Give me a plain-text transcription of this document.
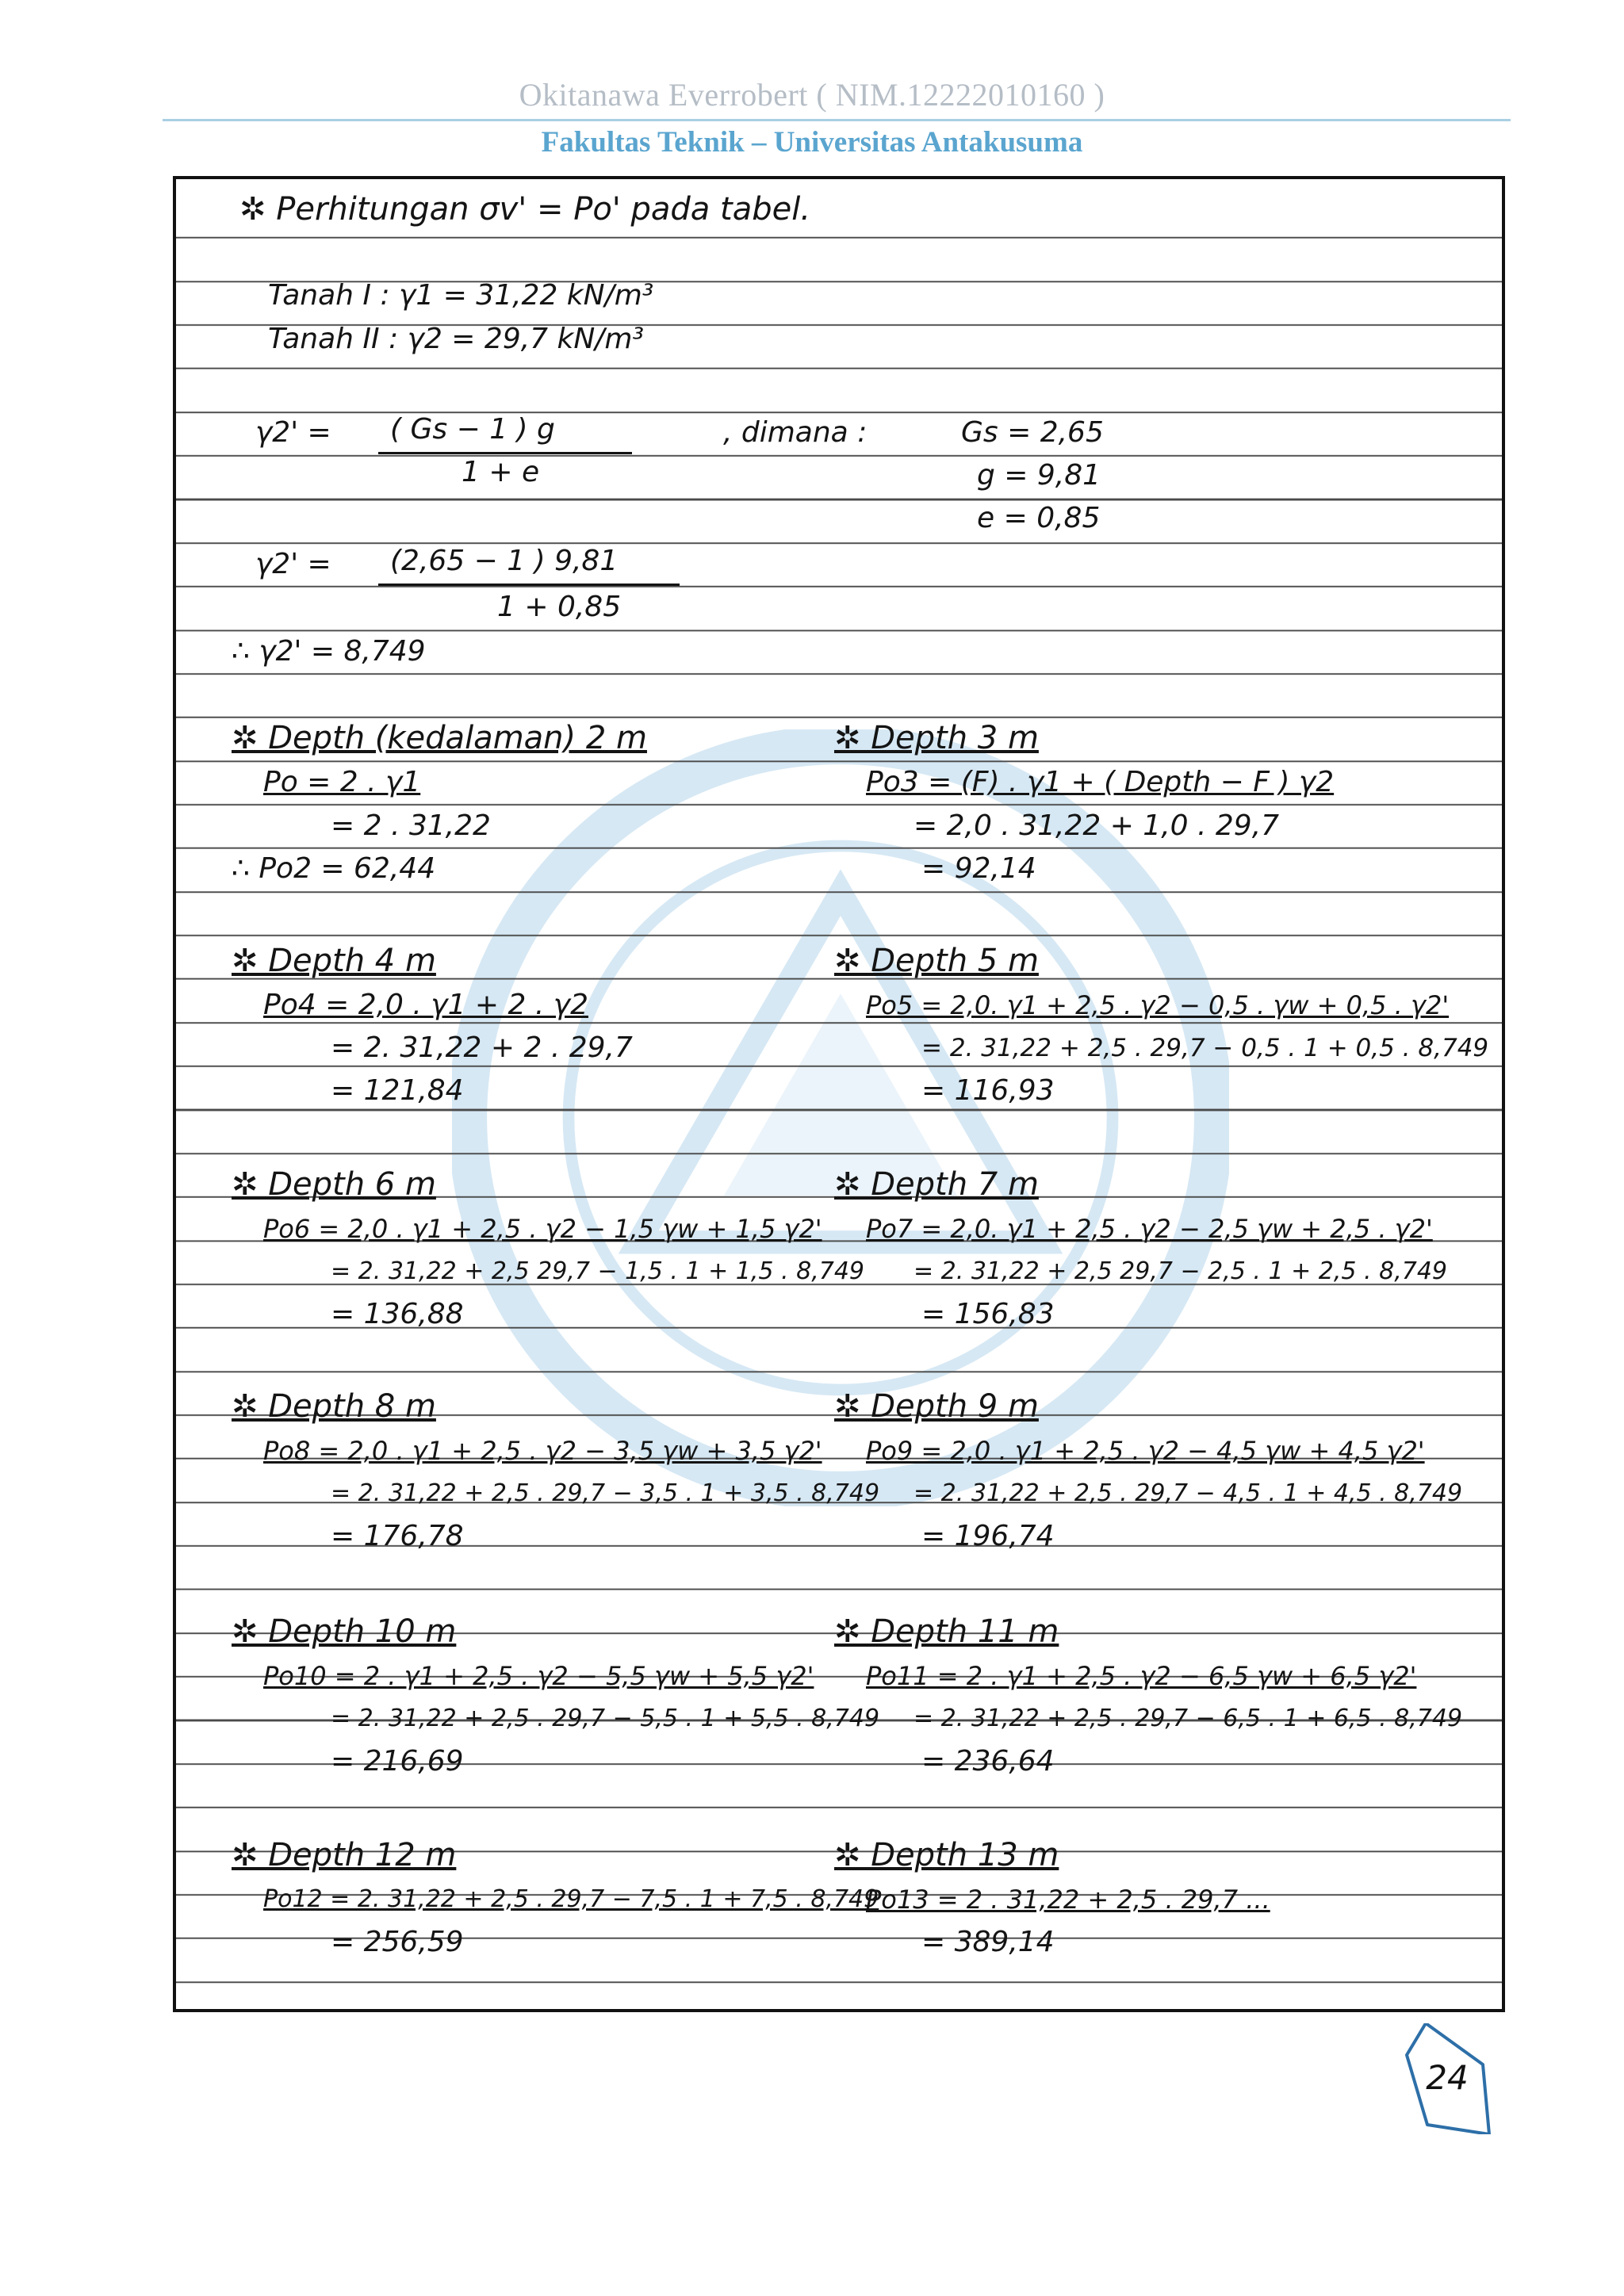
Okitanawa Everrobert ( NIM.12222010160 )
Fakultas Teknik – Universitas Antakusuma
✲ Perhitungan σv' = Po' pada tabel.
Tanah I : γ1 = 31,22 kN/m³
Tanah II : γ2 = 29,7 kN/m³
γ2' = ( Gs − 1 ) g
1 + e
, dimana :	Gs = 2,65
g = 9,81
e = 0,85
γ2' = (2,65 − 1 ) 9,81
1 + 0,85
∴ γ2' = 8,749
✲ Depth (kedalaman) 2 m
Po = 2 . γ1
= 2 . 31,22
∴ Po2 = 62,44
✲ Depth 3 m
Po3 = (F) . γ1 + ( Depth − F ) γ2
= 2,0 . 31,22 + 1,0 . 29,7
= 92,14
✲ Depth 4 m
Po4 = 2,0 . γ1 + 2 . γ2
= 2. 31,22 + 2 . 29,7
= 121,84
✲ Depth 5 m
Po5 = 2,0. γ1 + 2,5 . γ2 − 0,5 . γw + 0,5 . γ2'
= 2. 31,22 + 2,5 . 29,7 − 0,5 . 1 + 0,5 . 8,749
= 116,93
✲ Depth 6 m
Po6 = 2,0 . γ1 + 2,5 . γ2 − 1,5 γw + 1,5 γ2'
= 2. 31,22 + 2,5 29,7 − 1,5 . 1 + 1,5 . 8,749
= 136,88
✲ Depth 7 m
Po7 = 2,0. γ1 + 2,5 . γ2 − 2,5 γw + 2,5 . γ2'
= 2. 31,22 + 2,5 29,7 − 2,5 . 1 + 2,5 . 8,749
= 156,83
✲ Depth 8 m
Po8 = 2,0 . γ1 + 2,5 . γ2 − 3,5 γw + 3,5 γ2'
= 2. 31,22 + 2,5 . 29,7 − 3,5 . 1 + 3,5 . 8,749
= 176,78
✲ Depth 9 m
Po9 = 2,0 . γ1 + 2,5 . γ2 − 4,5 γw + 4,5 γ2'
= 2. 31,22 + 2,5 . 29,7 − 4,5 . 1 + 4,5 . 8,749
= 196,74
✲ Depth 10 m
Po10 = 2 . γ1 + 2,5 . γ2 − 5,5 γw + 5,5 γ2'
= 2. 31,22 + 2,5 . 29,7 − 5,5 . 1 + 5,5 . 8,749
= 216,69
✲ Depth 11 m
Po11 = 2 . γ1 + 2,5 . γ2 − 6,5 γw + 6,5 γ2'
= 2. 31,22 + 2,5 . 29,7 − 6,5 . 1 + 6,5 . 8,749
= 236,64
✲ Depth 12 m
Po12 = 2. 31,22 + 2,5 . 29,7 − 7,5 . 1 + 7,5 . 8,749
= 256,59
✲ Depth 13 m
Po13 = 2 . 31,22 + 2,5 . 29,7 ...
= 389,14
24
